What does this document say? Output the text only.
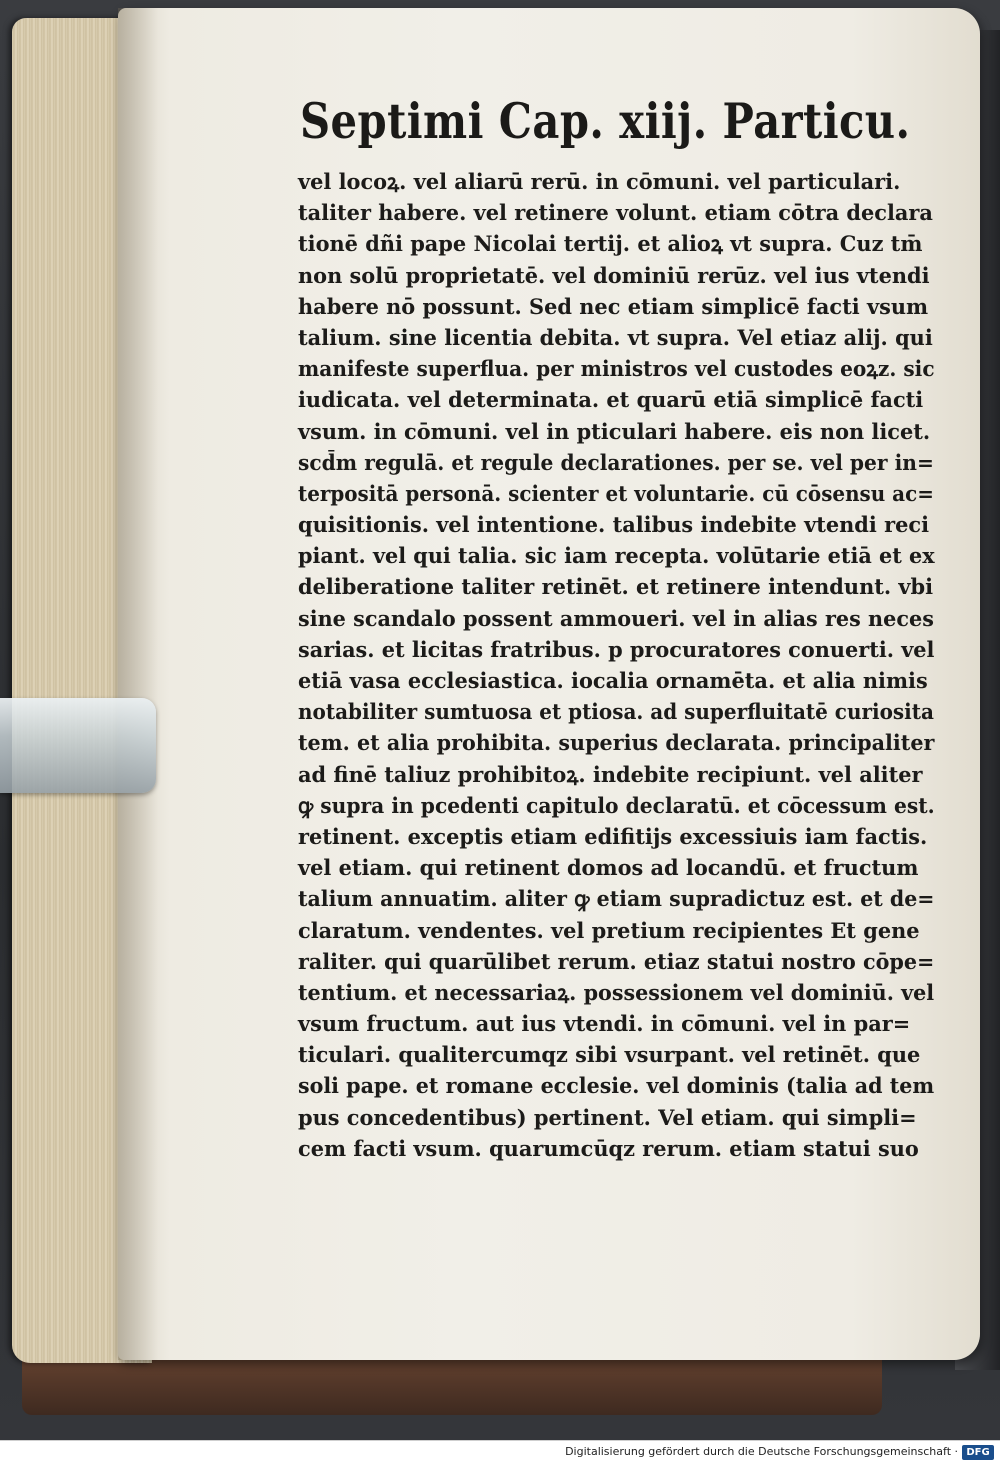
Septimi Cap. xiij. Particu.
vel locoꝝ. vel aliarū rerū. in cōmuni. vel particulari.
taliter habere. vel retinere volunt. etiam cōtra declara
tionē dñi pape Nicolai tertij. et alioꝝ vt supra. Cuz tm̄
non solū proprietatē. vel dominiū rerūz. vel ius vtendi
habere nō possunt. Sed nec etiam simplicē facti vsum
talium. sine licentia debita. vt supra. Vel etiaz alij. qui
manifeste superflua. per ministros vel custodes eoꝝz. sic
iudicata. vel determinata. et quarū etiā simplicē facti
vsum. in cōmuni. vel in pticulari habere. eis non licet.
scd̄m regulā. et regule declarationes. per se. vel per in=
terpositā personā. scienter et voluntarie. cū cōsensu ac=
quisitionis. vel intentione. talibus indebite vtendi reci
piant. vel qui talia. sic iam recepta. volūtarie etiā et ex
deliberatione taliter retinēt. et retinere intendunt. vbi
sine scandalo possent ammoueri. vel in alias res neces
sarias. et licitas fratribus. p procuratores conuerti. vel
etiā vasa ecclesiastica. iocalia ornamēta. et alia nimis
notabiliter sumtuosa et ptiosa. ad superfluitatē curiosita
tem. et alia prohibita. superius declarata. principaliter
ad finē taliuz prohibitoꝝ. indebite recipiunt. vel aliter
ꝙ supra in pcedenti capitulo declaratū. et cōcessum est.
retinent. exceptis etiam edifitijs excessiuis iam factis.
vel etiam. qui retinent domos ad locandū. et fructum
talium annuatim. aliter ꝙ etiam supradictuz est. et de=
claratum. vendentes. vel pretium recipientes Et gene
raliter. qui quarūlibet rerum. etiaz statui nostro cōpe=
tentium. et necessariaꝝ. possessionem vel dominiū. vel
vsum fructum. aut ius vtendi. in cōmuni. vel in par=
ticulari. qualitercumqz sibi vsurpant. vel retinēt. que
soli pape. et romane ecclesie. vel dominis (talia ad tem
pus concedentibus) pertinent. Vel etiam. qui simpli=
cem facti vsum. quarumcūqz rerum. etiam statui suo

Digitalisierung gefördert durch die Deutsche Forschungsgemeinschaft · DFG
